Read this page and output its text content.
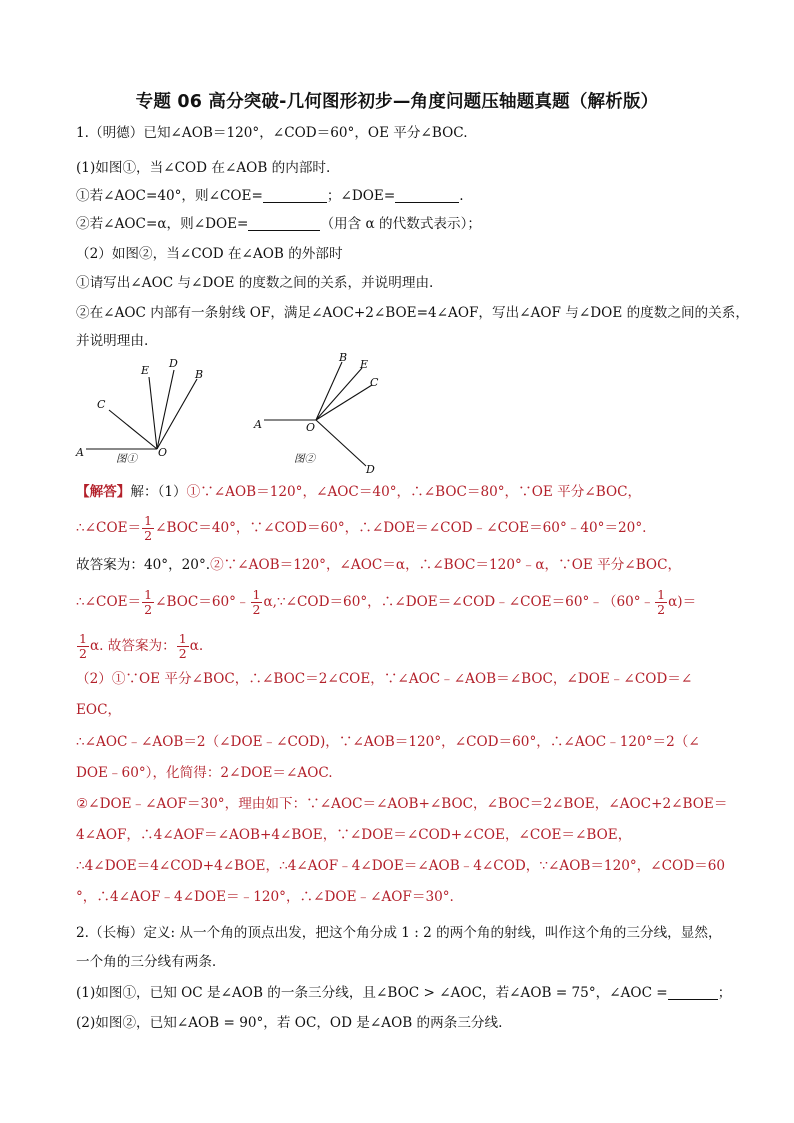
专题 06 高分突破-几何图形初步—角度问题压轴题真题（解析版）
1.（明德）已知∠AOB＝120°，∠COD＝60°，OE 平分∠BOC.
(1)如图①，当∠COD 在∠AOB 的内部时.
①若∠AOC=40°，则∠COE=	；∠DOE=	.
②若∠AOC=α，则∠DOE=	（用含 α 的代数式表示）；
（2）如图②，当∠COD 在∠AOB 的外部时
①请写出∠AOC 与∠DOE 的度数之间的关系，并说明理由.
②在∠AOC 内部有一条射线 OF，满足∠AOC+2∠BOE=4∠AOF，写出∠AOF 与∠DOE 的度数之间的关系，
并说明理由.
A
C
E
D
B
O
图①
A	O
B
E
C
D
图②
【解答】解：（1）①∵∠AOB＝120°，∠AOC＝40°，∴∠BOC＝80°，∵OE 平分∠BOC，
∴∠COE＝ $\frac{1}{2}$ ∠BOC＝40°，∵∠COD＝60°，∴∠DOE＝∠COD﹣∠COE＝60°﹣40°＝20°.
故答案为：40°，20°.②∵∠AOB＝120°，∠AOC＝α，∴∠BOC＝120°﹣α，∵OE 平分∠BOC，
∴∠COE＝ $\frac{1}{2}$ ∠BOC＝60°﹣ $\frac{1}{2}$ α,∵∠COD＝60°，∴∠DOE＝∠COD﹣∠COE＝60°﹣（60°﹣ $\frac{1}{2} \alpha)=$
$\frac{1}{2} \alpha$. 故答案为： $\frac{1}{2} \alpha$.
（2）①∵OE 平分∠BOC，∴∠BOC＝2∠COE，∵∠AOC﹣∠AOB＝∠BOC，∠DOE﹣∠COD＝∠
EOC，
∴∠AOC﹣∠AOB＝2（∠DOE﹣∠COD)，∵∠AOB＝120°，∠COD＝60°，∴∠AOC﹣120°＝2（∠
DOE﹣60°），化简得：2∠DOE＝∠AOC.
②∠DOE﹣∠AOF＝30°，理由如下：∵∠AOC＝∠AOB+∠BOC，∠BOC＝2∠BOE，∠AOC+2∠BOE＝
4∠AOF，∴4∠AOF＝∠AOB+4∠BOE，∵∠DOE＝∠COD+∠COE，∠COE＝∠BOE，
∴4∠DOE＝4∠COD+4∠BOE，∴4∠AOF﹣4∠DOE＝∠AOB﹣4∠COD，∵∠AOB＝120°，∠COD＝60
°，∴4∠AOF﹣4∠DOE＝﹣120°，∴∠DOE﹣∠AOF＝30°.
2.（长梅）定义: 从一个角的顶点出发，把这个角分成 1 : 2 的两个角的射线，叫作这个角的三分线，显然，
一个角的三分线有两条.
(1)如图①，已知 OC 是∠AOB 的一条三分线，且∠BOC > ∠AOC，若∠AOB = 75°，∠AOC =	；
(2)如图②，已知∠AOB = 90°，若 OC，OD 是∠AOB 的两条三分线.
